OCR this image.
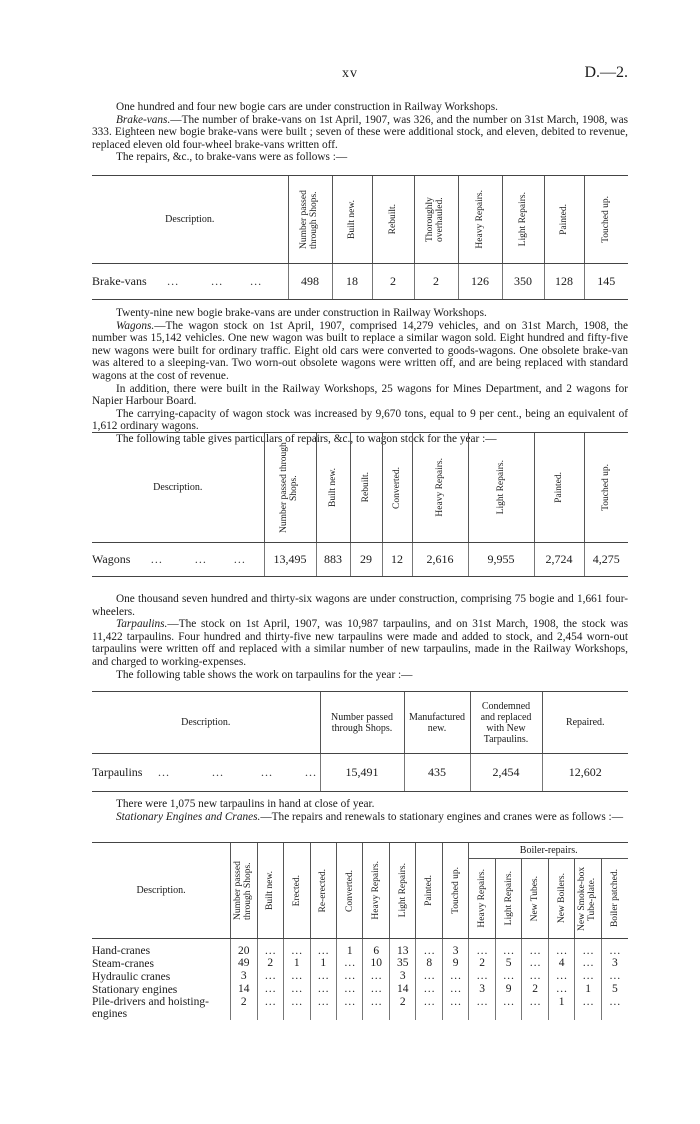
xv	D.—2.

One hundred and four new bogie cars are under construction in Railway Workshops.

Brake-vans.—The number of brake-vans on 1st April, 1907, was 326, and the number on 31st March, 1908, was 333. Eighteen new bogie brake-vans were built ; seven of these were additional stock, and eleven, debited to revenue, replaced eleven old four-wheel brake-vans written off.

The repairs, &c., to brake-vans were as follows :—

Description.	Number passed through Shops.	Built new.	Rebuilt.	Thoroughly overhauled.	Heavy Repairs.	Light Repairs.	Painted.	Touched up.

Brake-vans    …      …     …	498	18	2	2	126	350	128	145

Twenty-nine new bogie brake-vans are under construction in Railway Workshops.

Wagons.—The wagon stock on 1st April, 1907, comprised 14,279 vehicles, and on 31st March, 1908, the number was 15,142 vehicles. One new wagon was built to replace a similar wagon sold. Eight hundred and fifty-five new wagons were built for ordinary traffic. Eight old cars were converted to goods-wagons. One obsolete brake-van was altered to a sleeping-van. Two worn-out obsolete wagons were written off, and are being replaced with standard wagons at the cost of revenue.

In addition, there were built in the Railway Workshops, 25 wagons for Mines Department, and 2 wagons for Napier Harbour Board.

The carrying-capacity of wagon stock was increased by 9,670 tons, equal to 9 per cent., being an equivalent of 1,612 ordinary wagons.

The following table gives particulars of repairs, &c., to wagon stock for the year :—

Description.	Number passed through Shops.	Built new.	Rebuilt.	Converted.	Heavy Repairs.	Light Repairs.	Painted.	Touched up.

Wagons    …      …     …	13,495	883	29	12	2,616	9,955	2,724	4,275

One thousand seven hundred and thirty-six wagons are under construction, comprising 75 bogie and 1,661 four-wheelers.

Tarpaulins.—The stock on 1st April, 1907, was 10,987 tarpaulins, and on 31st March, 1908, the stock was 11,422 tarpaulins. Four hundred and thirty-five new tarpaulins were made and added to stock, and 2,454 worn-out tarpaulins were written off and replaced with a similar number of new tarpaulins, made in the Railway Workshops, and charged to working-expenses.

The following table shows the work on tarpaulins for the year :—

Description.	Number passed through Shops.	Manufactured new.	Condemned and replaced with New Tarpaulins.	Repaired.
Tarpaulins   …        …       …      …	15,491	435	2,454	12,602

There were 1,075 new tarpaulins in hand at close of year.

Stationary Engines and Cranes.—The repairs and renewals to stationary engines and cranes were as follows :—

Description.	Number passed through Shops.	Built new.	Erected.	Re-erected.	Converted.	Heavy Repairs.	Light Repairs.	Painted.	Touched up.	Boiler-repairs.					

										Heavy Repairs.	Light Repairs.	New Tubes.	New Boilers.	New Smoke-box Tube-plate.	Boiler patched.

Hand-cranes	20	…	…	…	1	6	13	…	3	…	…	…	…	…	…
Steam-cranes	49	2	1	1	…	10	35	8	9	2	5	…	4	…	3
Hydraulic cranes	3	…	…	…	…	…	3	…	…	…	…	…	…	…	…
Stationary engines	14	…	…	…	…	…	14	…	…	3	9	2	…	1	5
Pile-drivers and hoisting-engines	2	…	…	…	…	…	2	…	…	…	…	…	1	…	…
